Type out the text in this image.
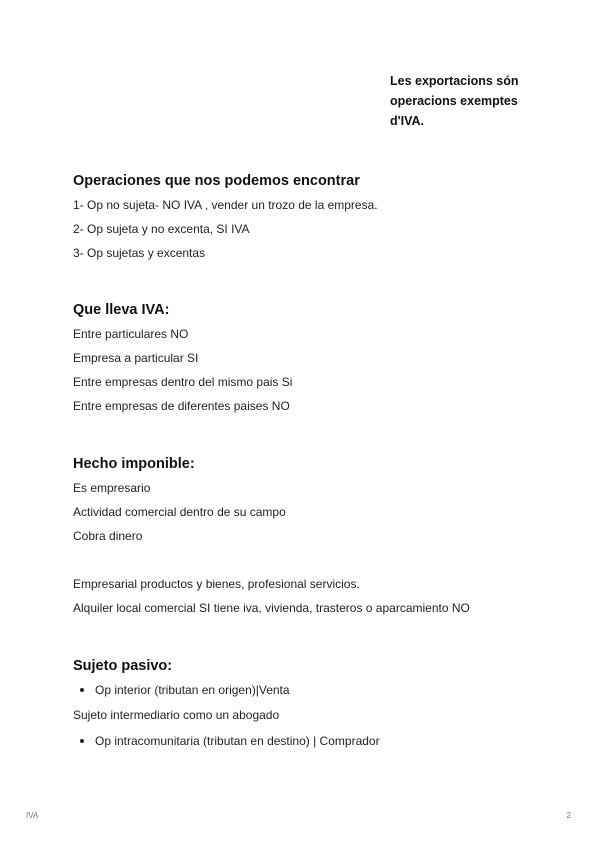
Les exportacions són
operacions exemptes
d'IVA.
Operaciones que nos podemos encontrar
1- Op no sujeta- NO IVA , vender un trozo de la empresa.
2- Op sujeta y no excenta, SI IVA
3- Op sujetas y excentas
Que lleva IVA:
Entre particulares NO
Empresa a particular SI
Entre empresas dentro del mismo pais Si
Entre empresas de diferentes paises NO
Hecho imponible:
Es empresario
Actividad comercial dentro de su campo
Cobra dinero
Empresarial productos y bienes, profesional servicios.
Alquiler local comercial SI tiene iva, vivienda, trasteros o aparcamiento NO
Sujeto pasivo:
Op interior (tributan en origen)|Venta
Sujeto intermediario como un abogado
Op intracomunitaria (tributan en destino) | Comprador
IVA	2
